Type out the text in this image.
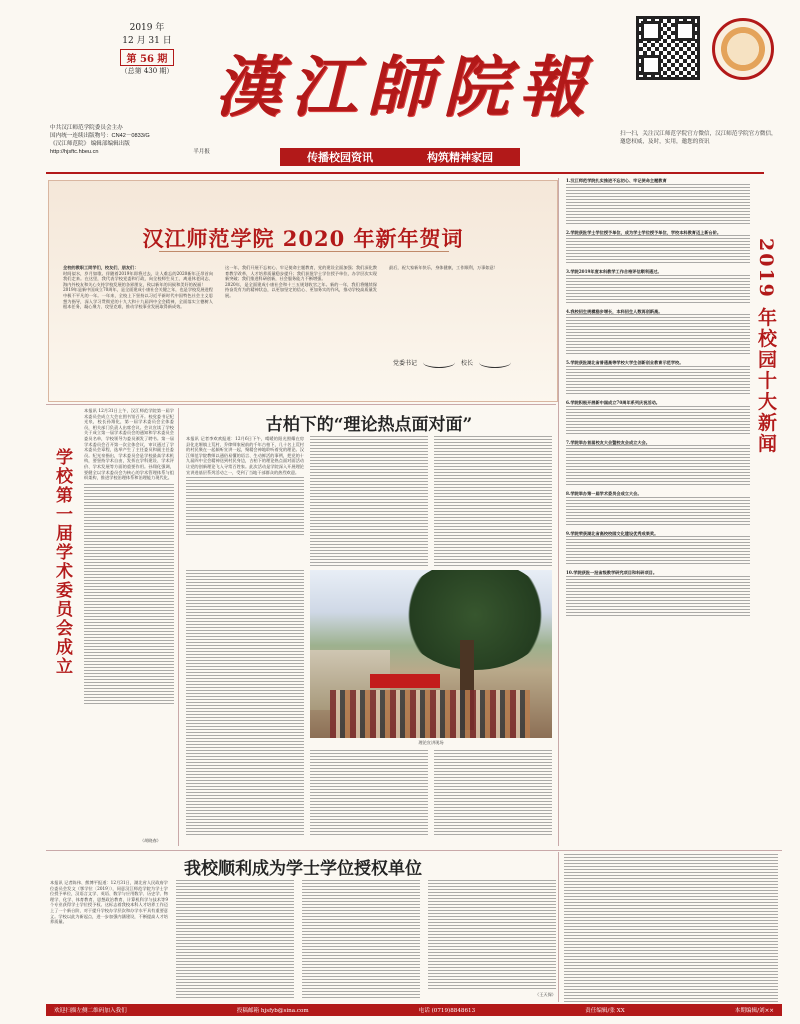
2019 年
12 月 31 日
第 56 期
（总第 430 期） 漢江師院報
中共汉江师范学院委员会主办
国内统一连续出版物号：CN42－0833/G
《汉江师范院》 编辑部编辑出版
http://hjsftc.hbeu.cn	半月报	传播校园资讯	构筑精神家园
扫一扫，关注汉江师范学院官方微信，汉江师范学院官方微信，邀您权威，及时，实用，邀您的资讯
汉江师范学院 2020 年新年贺词
全校的教职工同学们，校友们，朋友们：
时间似水，岁月如歌。伴随着2019年即将过去，让人难忘的2020新年正昂首向我们走来。在这里，我代表学校党委和行政，向全校师生员工、离退休老同志、海内外校友和关心支持学校发展的各界朋友，致以新年的问候和美好的祝福！
2019年是新中国成立70周年，是全面建成小康社会关键之年，也是学校发展进程中极不平凡的一年。一年来，全校上下坚持以习近平新时代中国特色社会主义思想为指导，深入学习贯彻党的十九大和十九届四中全会精神，全面落实立德树人根本任务，凝心聚力、攻坚克难，推动学校事业发展取得新成效。
这一年，我们开展不忘初心、牢记使命主题教育，党的建设全面加强；我们深化教育教学改革，人才培养质量稳步提升；我们获批学士学位授予单位，办学层次实现新突破；我们推进科研创新，社会服务能力不断增强。
2020年，是全面建成小康社会和十三五规划收官之年。新的一年，我们将继续保持奋发有为的精神状态，以更加坚定的信心、更加务实的作风，推动学校高质量发展。
最后，祝大家新年快乐，身体健康，工作顺利，万事如意！
党委书记	校长	2019 年校园十大新闻
1.汉江师范学院扎实推进不忘初心、牢记使命主题教育
2.学院获批学士学位授予单位，成为学士学位授予单位，学校本科教育迈上新台阶。
3.学院2019年度本科教学工作合格评估顺利通过。
4.我校招生规模稳步增长，本科招生人数再创新高。
5.学院获批湖北省普通高等学校大学生创新创业教育示范学校。
6.学院积极开展新中国成立70周年系列庆祝活动。
7.学院举办首届校友大会暨校友会成立大会。
8.学院举办第一届学术委员会成立大会。
9.学院荣获湖北省高校校园文化建设优秀成果奖。
10.学院获批一批省级教学研究项目和科研项目。
学校第一届学术委员会成立
本报讯 12月31日上午，汉江师范学院第一届学术委员会成立大会在图书馆召开。校党委书记纪光泉，校长孙翔化，第一届学术委员会全体委员，相关部门负责人出席会议。会议宣读了学校关于成立第一届学术委员会的通知和学术委员会委员名单，学校领导为委员颁发了聘书。第一届学术委员会召开第一次全体会议，审议通过了学术委员会章程，选举产生了主任委员和副主任委员。纪光泉指出，学术委员会是学校最高学术机构，要坚持学术自由，发挥在学科建设、学术评价、学术发展等方面的重要作用。孙翔化强调，要健全以学术委员会为核心的学术管理体系与组织架构，推进学校治理体系和治理能力现代化。
（胡晓春）
古柏下的“理论热点面对面”
本报讯 记者李欢欢报道：12月6日下午，晴暖的阳光照耀在房县化龙堰镇上荒村，乔律师家屋前的千年古柏下，几十名上荒村的村民聚在一起倾听宣讲一起，聚精会神地聆听着党的理论。汉江师范学院教师以通俗易懂的语言、生动鲜活的事例，把党的十九届四中全会精神送到村民身边，古柏下的理论热点面对面活动让党的创新理论飞入寻常百姓家。此次活动是学院深入开展理论宣讲进基层系列活动之一，受到了当地干部群众的热烈欢迎。
理论宣讲现场
我校顺利成为学士学位授权单位
本报讯 记者陈伟、熊博平报道：12月31日，湖北省人民政府学位委员会发文（鄂学位〔2019〕），同意汉江师范学院为学士学位授予单位，汉语言文学、英语、数学与应用数学、历史学、物理学、化学、体育教育、思想政治教育、计算机科学与技术等9个专业获得学士学位授予权。这标志着我校本科人才培养工作迈上了一个新台阶，对于提升学校办学层次和办学水平具有重要意义。学校以此为新起点，进一步加强内涵建设，不断提高人才培养质量。
（王天保）
欢迎扫描左侧二维码加入我们	投稿邮箱 hjsfyb@sina.com	电话 (0719)8848613	责任编辑/张 XX	本期编辑/刘××
